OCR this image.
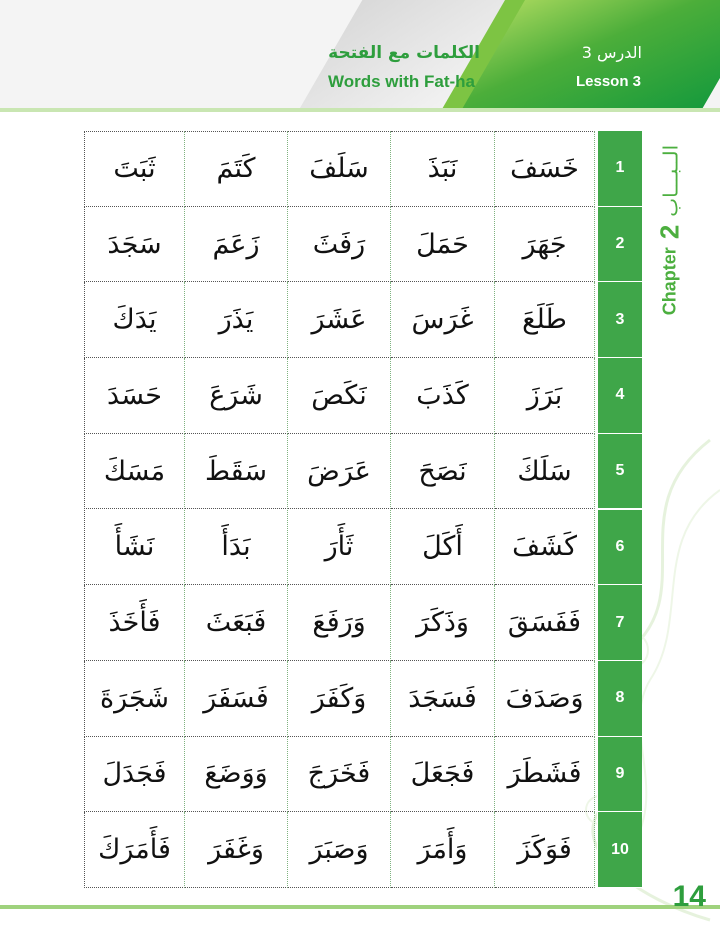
الكلمات مع الفتحة
Words with Fat-ha
الدرس 3
Lesson 3
Chapter
2
الــبـــاب
1
2
3
4
5
6
7
8
9
10
خَسَفَ
نَبَذَ
سَلَفَ
كَتَمَ
ثَبَتَ
جَهَرَ
حَمَلَ
رَفَثَ
زَعَمَ
سَجَدَ
طَلَعَ
غَرَسَ
عَشَرَ
يَذَرَ
يَدَكَ
بَرَزَ
كَذَبَ
نَكَصَ
شَرَعَ
حَسَدَ
سَلَكَ
نَصَحَ
عَرَضَ
سَقَطَ
مَسَكَ
كَشَفَ
أَكَلَ
ثَأَرَ
بَدَأَ
نَشَأَ
فَفَسَقَ
وَذَكَرَ
وَرَفَعَ
فَبَعَثَ
فَأَخَذَ
وَصَدَفَ
فَسَجَدَ
وَكَفَرَ
فَسَفَرَ
شَجَرَةَ
فَشَطَرَ
فَجَعَلَ
فَخَرَجَ
وَوَضَعَ
فَجَدَلَ
فَوَكَزَ
وَأَمَرَ
وَصَبَرَ
وَغَفَرَ
فَأَمَرَكَ
14
